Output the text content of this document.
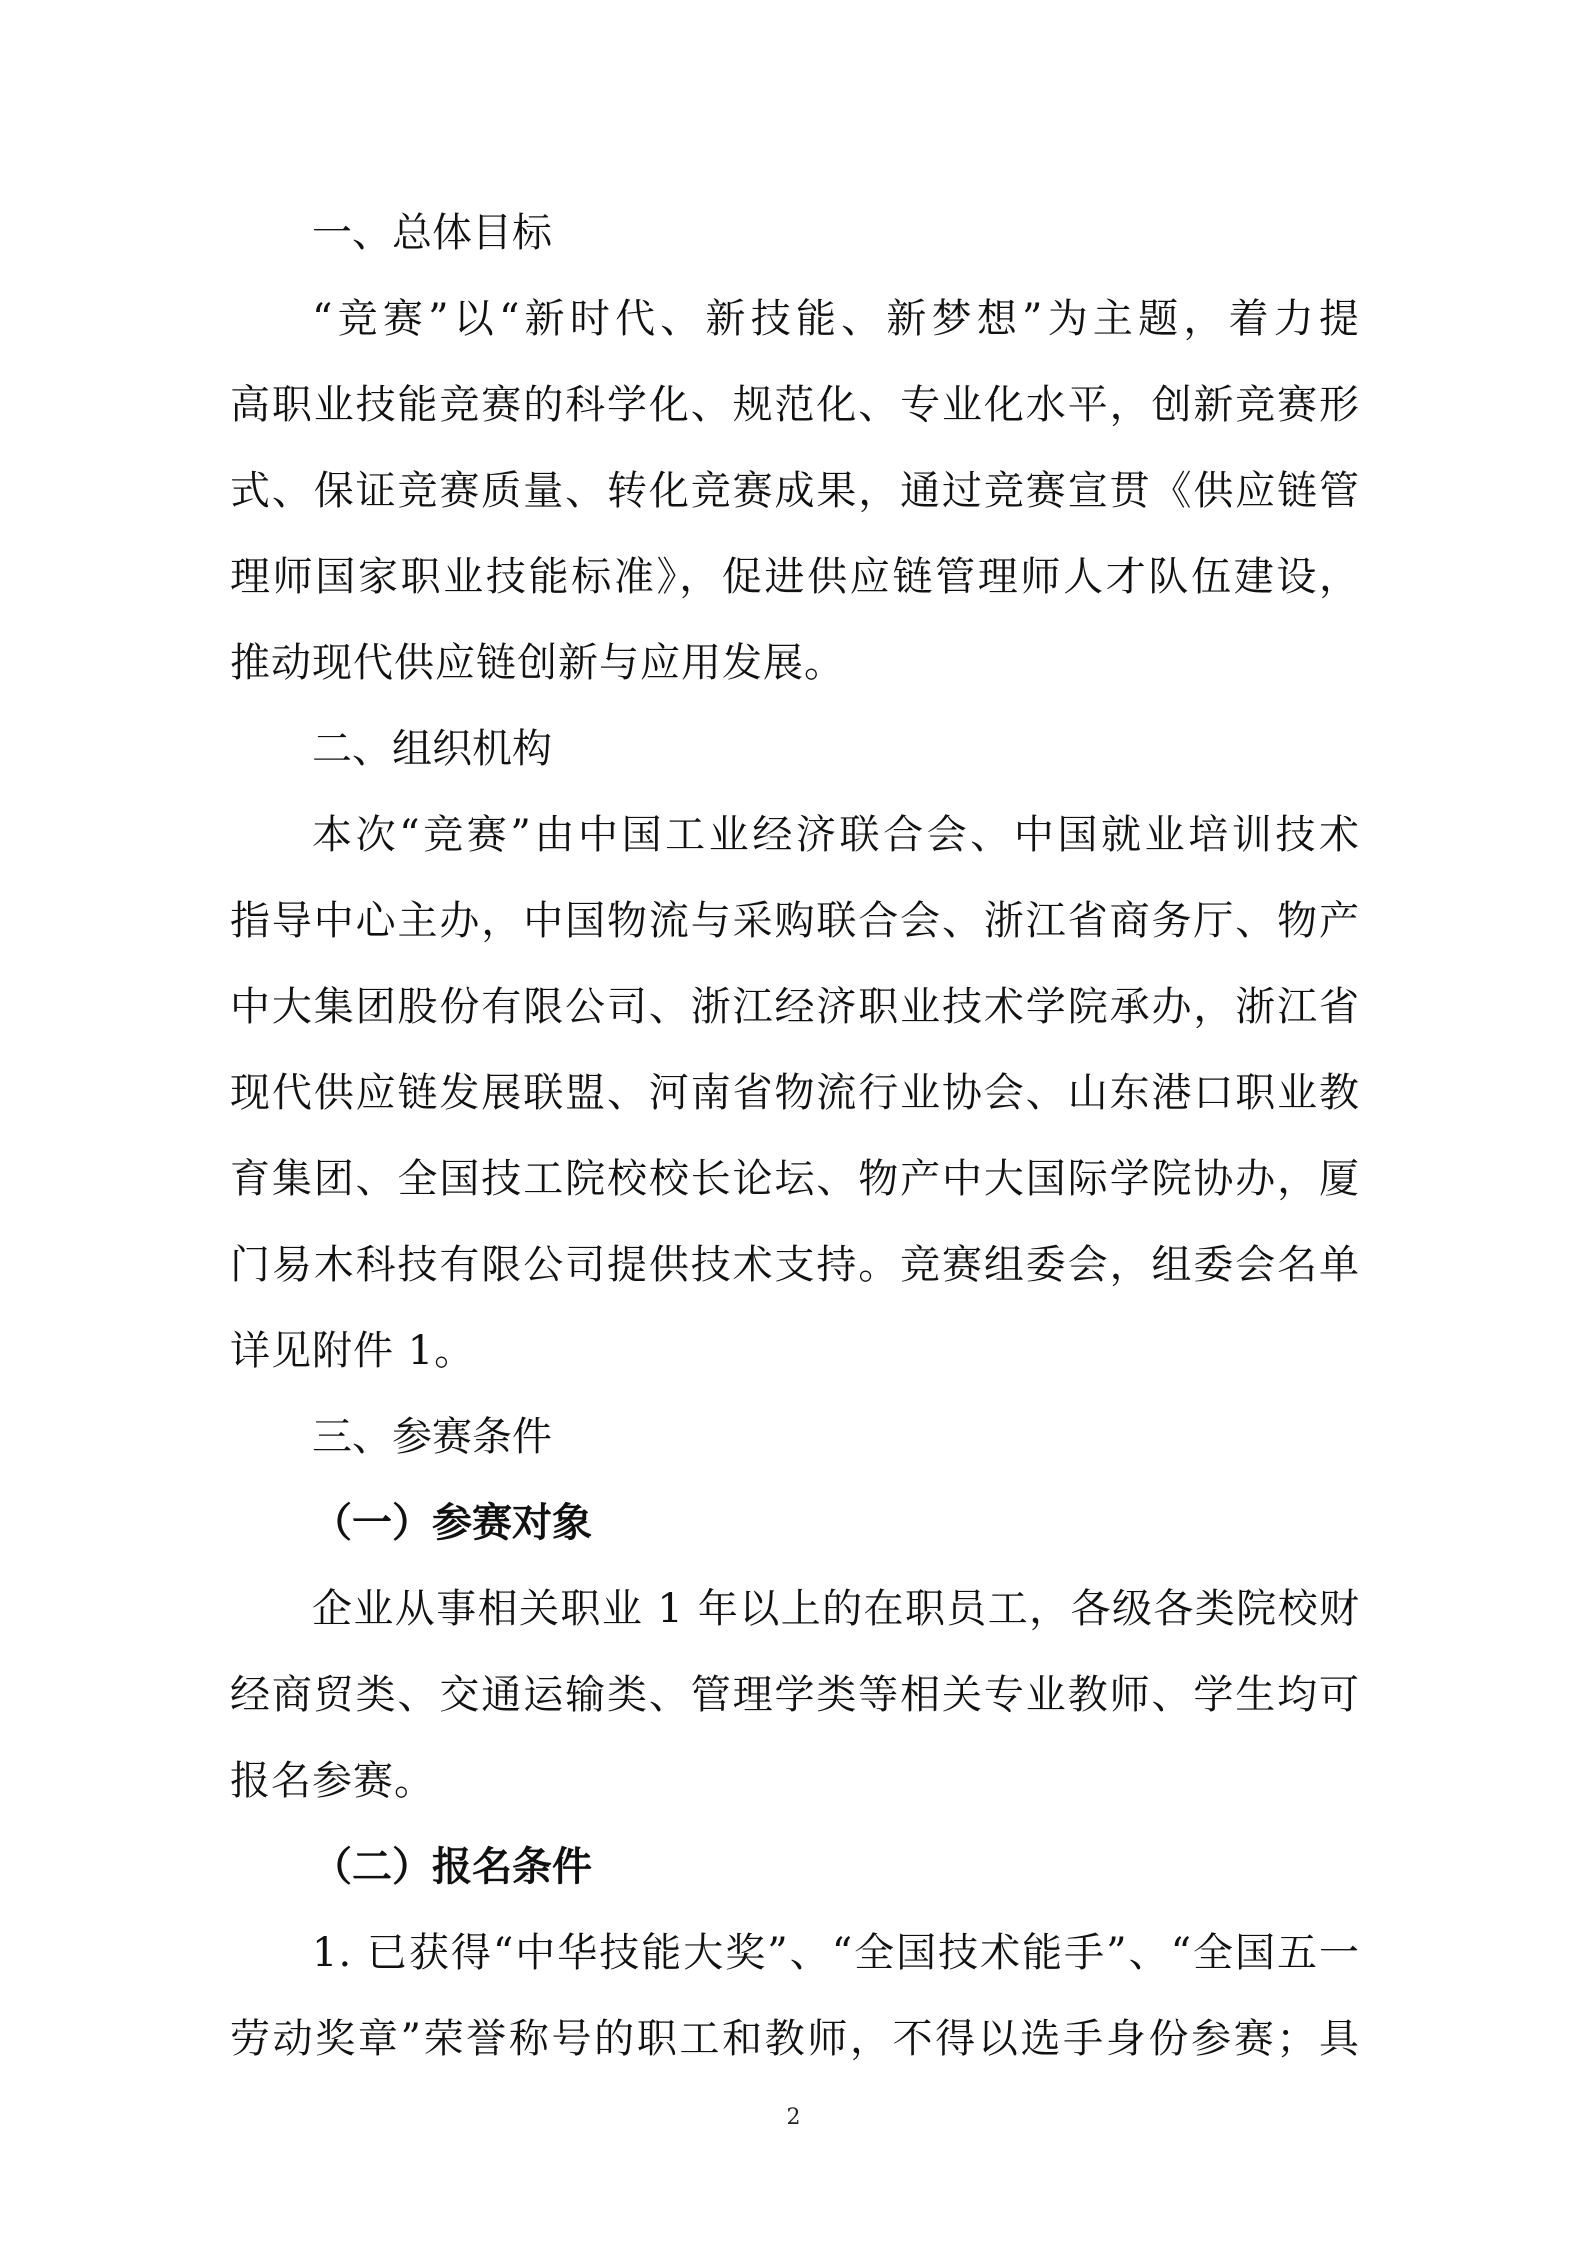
一、总体目标
“竞赛”以“新时代、新技能、新梦想”为主题，着力提
高职业技能竞赛的科学化、规范化、专业化水平，创新竞赛形
式、保证竞赛质量、转化竞赛成果，通过竞赛宣贯《供应链管
理师国家职业技能标准》，促进供应链管理师人才队伍建设，
推动现代供应链创新与应用发展。
二、组织机构
本次“竞赛”由中国工业经济联合会、中国就业培训技术
指导中心主办，中国物流与采购联合会、浙江省商务厅、物产
中大集团股份有限公司、浙江经济职业技术学院承办，浙江省
现代供应链发展联盟、河南省物流行业协会、山东港口职业教
育集团、全国技工院校校长论坛、物产中大国际学院协办，厦
门易木科技有限公司提供技术支持。竞赛组委会，组委会名单
详见附件 1。
三、参赛条件
（一）参赛对象
企业从事相关职业 1 年以上的在职员工，各级各类院校财
经商贸类、交通运输类、管理学类等相关专业教师、学生均可
报名参赛。
（二）报名条件
1. 已获得“中华技能大奖”、“全国技术能手”、“全国五一
劳动奖章”荣誉称号的职工和教师，不得以选手身份参赛；具
2
